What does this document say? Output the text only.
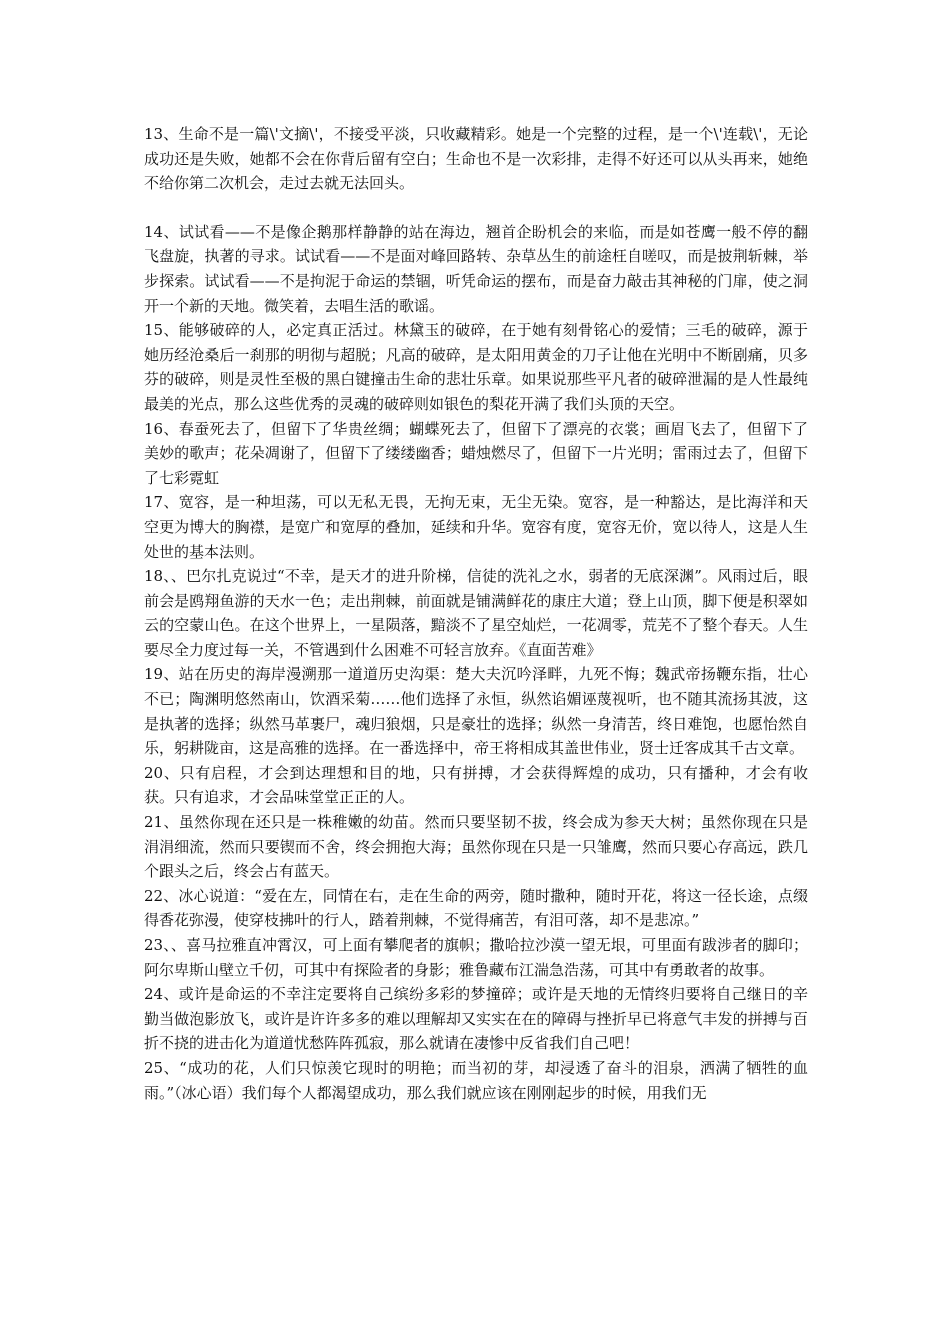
13、生命不是一篇\'文摘\'，不接受平淡，只收藏精彩。她是一个完整的过程，是一个\'连载\'，无论成功还是失败，她都不会在你背后留有空白；生命也不是一次彩排，走得不好还可以从头再来，她绝不给你第二次机会，走过去就无法回头。

14、试试看——不是像企鹅那样静静的站在海边，翘首企盼机会的来临，而是如苍鹰一般不停的翻飞盘旋，执著的寻求。试试看——不是面对峰回路转、杂草丛生的前途枉自嗟叹，而是披荆斩棘，举步探索。试试看——不是拘泥于命运的禁锢，听凭命运的摆布，而是奋力敲击其神秘的门扉，使之洞开一个新的天地。微笑着，去唱生活的歌谣。

15、能够破碎的人，必定真正活过。林黛玉的破碎，在于她有刻骨铭心的爱情；三毛的破碎，源于她历经沧桑后一刹那的明彻与超脱；凡高的破碎，是太阳用黄金的刀子让他在光明中不断剧痛，贝多芬的破碎，则是灵性至极的黑白键撞击生命的悲壮乐章。如果说那些平凡者的破碎泄漏的是人性最纯最美的光点，那么这些优秀的灵魂的破碎则如银色的梨花开满了我们头顶的天空。

16、春蚕死去了，但留下了华贵丝绸；蝴蝶死去了，但留下了漂亮的衣裳；画眉飞去了，但留下了美妙的歌声；花朵凋谢了，但留下了缕缕幽香；蜡烛燃尽了，但留下一片光明；雷雨过去了，但留下了七彩霓虹

17、宽容，是一种坦荡，可以无私无畏，无拘无束，无尘无染。宽容，是一种豁达，是比海洋和天空更为博大的胸襟，是宽广和宽厚的叠加，延续和升华。宽容有度，宽容无价，宽以待人，这是人生处世的基本法则。

18、、巴尔扎克说过“不幸，是天才的进升阶梯，信徒的洗礼之水，弱者的无底深渊”。风雨过后，眼前会是鸥翔鱼游的天水一色；走出荆棘，前面就是铺满鲜花的康庄大道；登上山顶，脚下便是积翠如云的空蒙山色。在这个世界上，一星陨落，黯淡不了星空灿烂，一花凋零，荒芜不了整个春天。人生要尽全力度过每一关，不管遇到什么困难不可轻言放弃。《直面苦难》

19、站在历史的海岸漫溯那一道道历史沟渠：楚大夫沉吟泽畔，九死不悔；魏武帝扬鞭东指，壮心不已；陶渊明悠然南山，饮酒采菊……他们选择了永恒，纵然谄媚诬蔑视听，也不随其流扬其波，这是执著的选择；纵然马革裹尸，魂归狼烟，只是豪壮的选择；纵然一身清苦，终日难饱，也愿怡然自乐，躬耕陇亩，这是高雅的选择。在一番选择中，帝王将相成其盖世伟业，贤士迁客成其千古文章。

20、只有启程，才会到达理想和目的地，只有拼搏，才会获得辉煌的成功，只有播种，才会有收获。只有追求，才会品味堂堂正正的人。

21、虽然你现在还只是一株稚嫩的幼苗。然而只要坚韧不拔，终会成为参天大树；虽然你现在只是涓涓细流，然而只要锲而不舍，终会拥抱大海；虽然你现在只是一只雏鹰，然而只要心存高远，跌几个跟头之后，终会占有蓝天。

22、冰心说道：“爱在左，同情在右，走在生命的两旁，随时撒种，随时开花，将这一径长途，点缀得香花弥漫，使穿枝拂叶的行人，踏着荆棘，不觉得痛苦，有泪可落，却不是悲凉。”

23、、喜马拉雅直冲霄汉，可上面有攀爬者的旗帜；撒哈拉沙漠一望无垠，可里面有跋涉者的脚印；阿尔卑斯山壁立千仞，可其中有探险者的身影；雅鲁藏布江湍急浩荡，可其中有勇敢者的故事。

24、或许是命运的不幸注定要将自己缤纷多彩的梦撞碎；或许是天地的无情终归要将自己继日的辛勤当做泡影放飞，或许是许许多多的难以理解却又实实在在的障碍与挫折早已将意气丰发的拼搏与百折不挠的进击化为道道忧愁阵阵孤寂，那么就请在凄惨中反省我们自己吧！

25、“成功的花，人们只惊羡它现时的明艳；而当初的芽，却浸透了奋斗的泪泉，洒满了牺牲的血雨。”（冰心语）我们每个人都渴望成功，那么我们就应该在刚刚起步的时候，用我们无
